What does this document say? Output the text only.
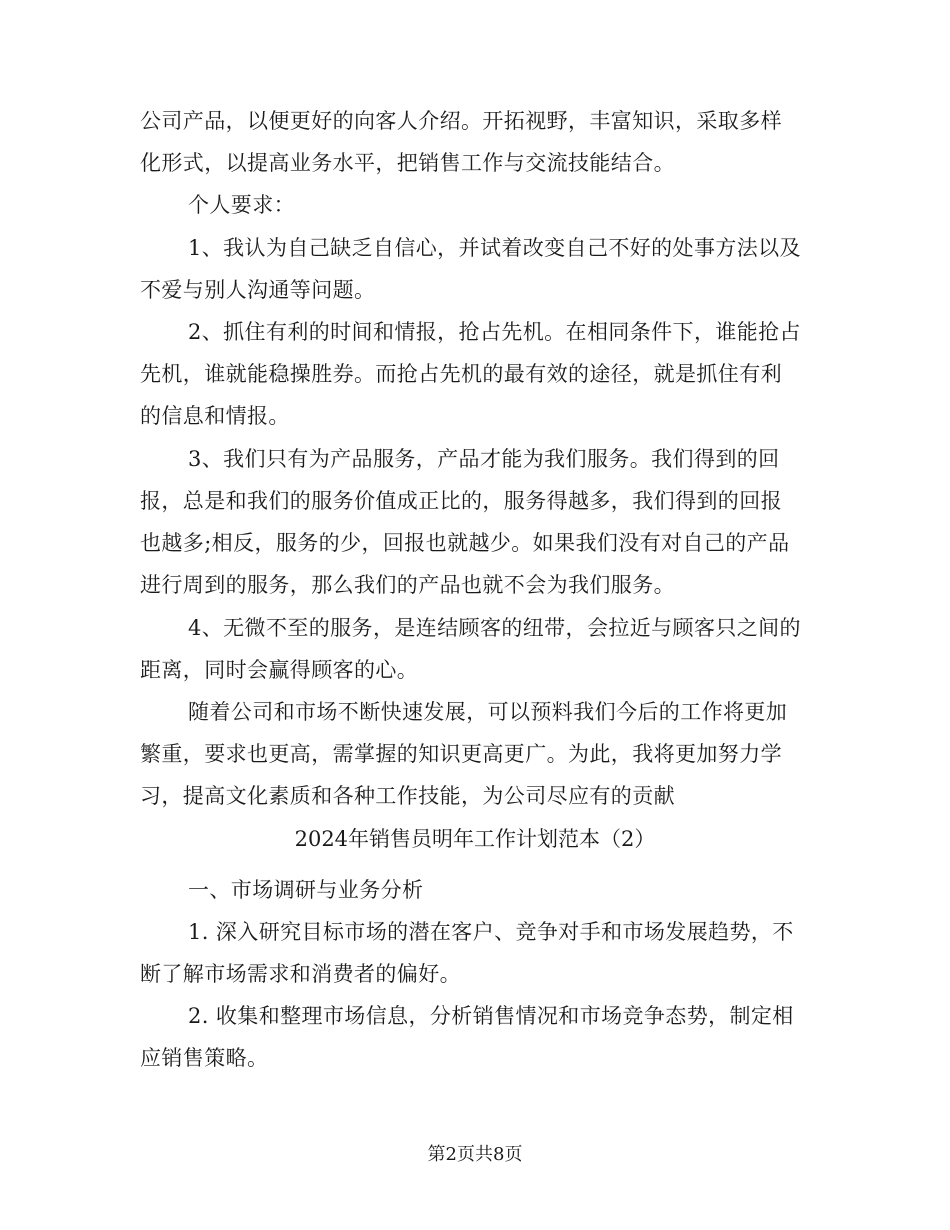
公司产品，以便更好的向客人介绍。开拓视野，丰富知识，采取多样
化形式，以提高业务水平，把销售工作与交流技能结合。
个人要求：
1、我认为自己缺乏自信心，并试着改变自己不好的处事方法以及
不爱与别人沟通等问题。
2、抓住有利的时间和情报，抢占先机。在相同条件下，谁能抢占
先机，谁就能稳操胜券。而抢占先机的最有效的途径，就是抓住有利
的信息和情报。
3、我们只有为产品服务，产品才能为我们服务。我们得到的回
报，总是和我们的服务价值成正比的，服务得越多，我们得到的回报
也越多;相反，服务的少，回报也就越少。如果我们没有对自己的产品
进行周到的服务，那么我们的产品也就不会为我们服务。
4、无微不至的服务，是连结顾客的纽带，会拉近与顾客只之间的
距离，同时会赢得顾客的心。
随着公司和市场不断快速发展，可以预料我们今后的工作将更加
繁重，要求也更高，需掌握的知识更高更广。为此，我将更加努力学
习，提高文化素质和各种工作技能，为公司尽应有的贡献
2024年销售员明年工作计划范本（2）
一、市场调研与业务分析
1. 深入研究目标市场的潜在客户、竞争对手和市场发展趋势，不
断了解市场需求和消费者的偏好。
2. 收集和整理市场信息，分析销售情况和市场竞争态势，制定相
应销售策略。
第2页共8页
